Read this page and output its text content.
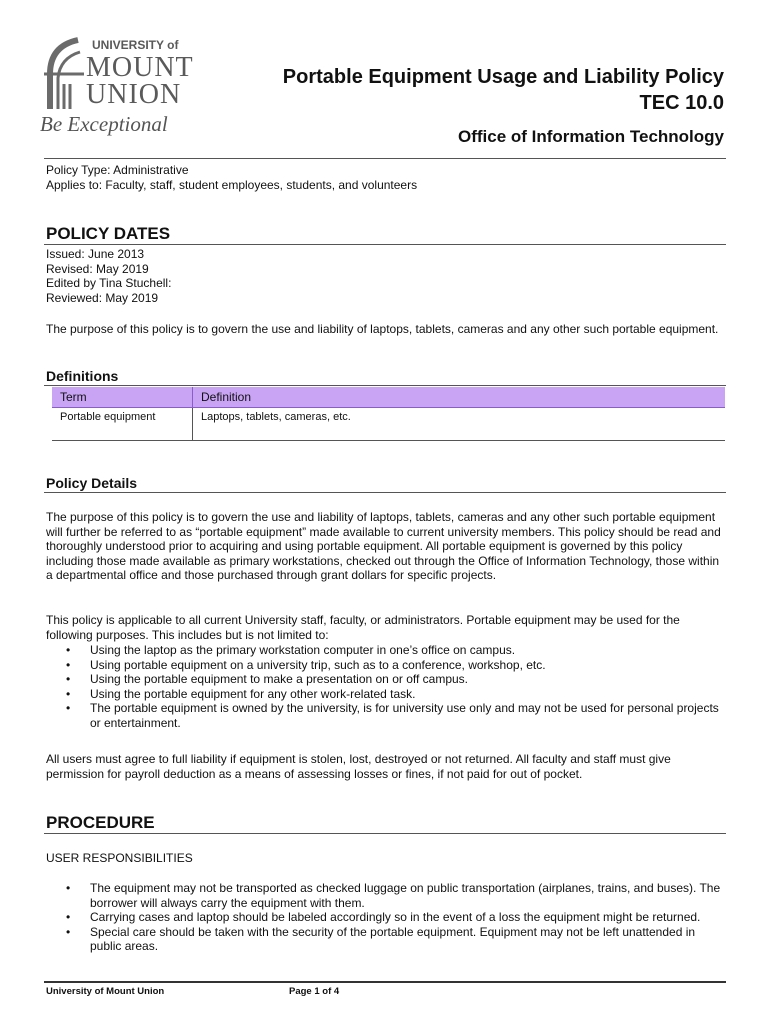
UNIVERSITY of
MOUNT
UNION
Be Exceptional
Portable Equipment Usage and Liability Policy
TEC 10.0
Office of Information Technology
Policy Type: Administrative
Applies to: Faculty, staff, student employees, students, and volunteers
POLICY DATES
Issued: June 2013
Revised: May 2019
Edited by Tina Stuchell:
Reviewed: May 2019
The purpose of this policy is to govern the use and liability of laptops, tablets, cameras and any other such portable equipment.
Definitions
Term	Definition
Portable equipment	Laptops, tablets, cameras, etc.
Policy Details
The purpose of this policy is to govern the use and liability of laptops, tablets, cameras and any other such portable equipment will further be referred to as “portable equipment” made available to current university members. This policy should be read and thoroughly understood prior to acquiring and using portable equipment. All portable equipment is governed by this policy including those made available as primary workstations, checked out through the Office of Information Technology, those within a departmental office and those purchased through grant dollars for specific projects.
This policy is applicable to all current University staff, faculty, or administrators. Portable equipment may be used for the following purposes. This includes but is not limited to:
• Using the laptop as the primary workstation computer in one’s office on campus.
• Using portable equipment on a university trip, such as to a conference, workshop, etc.
• Using the portable equipment to make a presentation on or off campus.
• Using the portable equipment for any other work-related task.
• The portable equipment is owned by the university, is for university use only and may not be used for personal projects or entertainment.
All users must agree to full liability if equipment is stolen, lost, destroyed or not returned. All faculty and staff must give permission for payroll deduction as a means of assessing losses or fines, if not paid for out of pocket.
PROCEDURE
USER RESPONSIBILITIES
• The equipment may not be transported as checked luggage on public transportation (airplanes, trains, and buses). The borrower will always carry the equipment with them.
• Carrying cases and laptop should be labeled accordingly so in the event of a loss the equipment might be returned.
• Special care should be taken with the security of the portable equipment. Equipment may not be left unattended in public areas.
University of Mount Union	Page 1 of 4
